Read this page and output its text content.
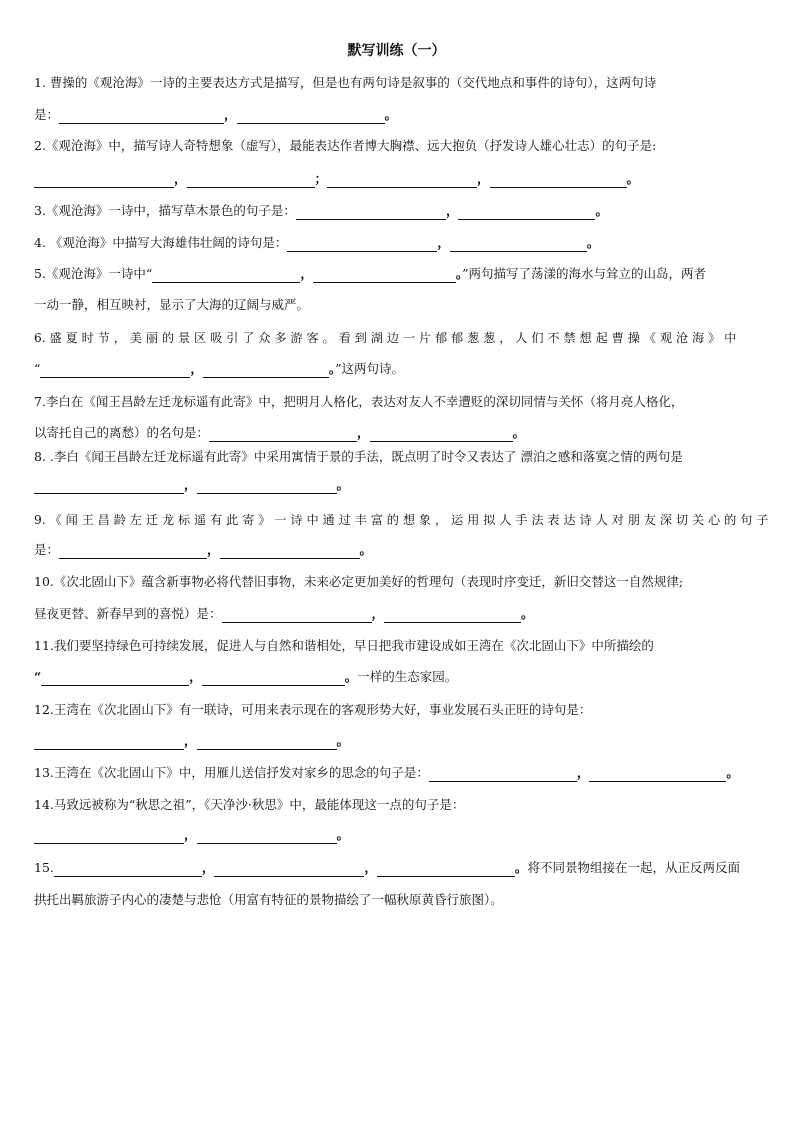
默写训练（一）
1. 曹操的《观沧海》一诗的主要表达方式是描写，但是也有两句诗是叙事的（交代地点和事件的诗句），这两句诗
是：	，	。
2.《观沧海》中，描写诗人奇特想象（虚写），最能表达作者博大胸襟、远大抱负（抒发诗人雄心壮志）的句子是:
，	；	，	。
3.《观沧海》一诗中，描写草木景色的句子是：	，	。
4. 《观沧海》中描写大海雄伟壮阔的诗句是：	，	。
5.《观沧海》一诗中“	，	。”两句描写了荡漾的海水与耸立的山岛，两者
一动一静，相互映衬，显示了大海的辽阔与威严。
6. 盛 夏 时 节 ， 美 丽 的 景 区 吸 引 了 众 多 游 客 。 看 到 湖 边 一 片 郁 郁 葱 葱 ， 人 们 不 禁 想 起 曹 操 《 观 沧 海 》 中
“	，	。”这两句诗。
7.李白在《闻王昌龄左迁龙标遥有此寄》中，把明月人格化，表达对友人不幸遭贬的深切同情与关怀（将月亮人格化，
以寄托自己的离愁）的名句是：	，	。
8. .李白《闻王昌龄左迁龙标遥有此寄》中采用寓情于景的手法，既点明了时令又表达了 漂泊之感和落寞之情的两句是
，	。
9. 《 闻 王 昌 龄 左 迁 龙 标 遥 有 此 寄 》 一 诗 中 通 过 丰 富 的 想 象 ， 运 用 拟 人 手 法 表 达 诗 人 对 朋 友 深 切 关 心 的 句 子
是：	，	。
10.《次北固山下》蕴含新事物必将代替旧事物，未来必定更加美好的哲理句（表现时序变迁，新旧交替这一自然规律;
昼夜更替、新春早到的喜悦）是：	，	。
11.我们要坚持绿色可持续发展，促进人与自然和谐相处，早日把我市建设成如王湾在《次北固山下》中所描绘的
“	，	。一样的生态家园。
12.王湾在《次北固山下》有一联诗，可用来表示现在的客观形势大好，事业发展石头正旺的诗句是：
，	。
13.王湾在《次北固山下》中，用雁儿送信抒发对家乡的思念的句子是：	，	。
14.马致远被称为“秋思之祖”，《天净沙·秋思》中，最能体现这一点的句子是：
，	。
15.	，	，	。将不同景物组接在一起，从正反两反面
拱托出羁旅游子内心的凄楚与悲怆（用富有特征的景物描绘了一幅秋原黄昏行旅图）。
